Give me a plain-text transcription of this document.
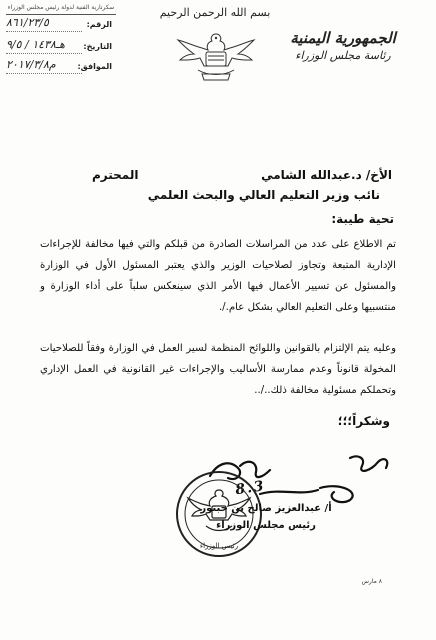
سكرتارية الفنية لدولة رئيس مجلس الوزراء
الرقم:
۸٦١/۲۳/٥
التاريخ:
۹/٥ / ۱٤۳۸هـ
الموافق:
۲۰۱۷/۳/۸م
بسم الله الرحمن الرحيم
الجمهورية اليمنية
رئاسة مجلس الوزراء
الأخ/ د.عبدالله الشامي
المحترم
نائب وزير التعليم العالي والبحث العلمي
تحية طيبة:
تم الاطلاع على عدد من المراسلات الصادرة من قبلكم والتي فيها مخالفة للإجراءات الإدارية المتبعة وتجاوز لصلاحيات الوزير والذي يعتبر المسئول الأول في الوزارة والمسئول عن تسيير الأعمال فيها الأمر الذي سينعكس سلباً على أداء الوزارة و منتسبيها وعلى التعليم العالي بشكل عام./.
وعليه يتم الإلتزام بالقوانين واللوائح المنظمة لسير العمل في الوزارة وفقاً للصلاحيات المخولة قانوناً وعدم ممارسة الأساليب والإجراءات غير القانونية في العمل الإداري وتحملكم مسئولية مخالفة ذلك../..
وشكراً؛؛؛
8.3
رئيس الوزراء
أ/ عبدالعزيز صالح بن حبتور
رئيس مجلس الوزراء
۸ مارس
